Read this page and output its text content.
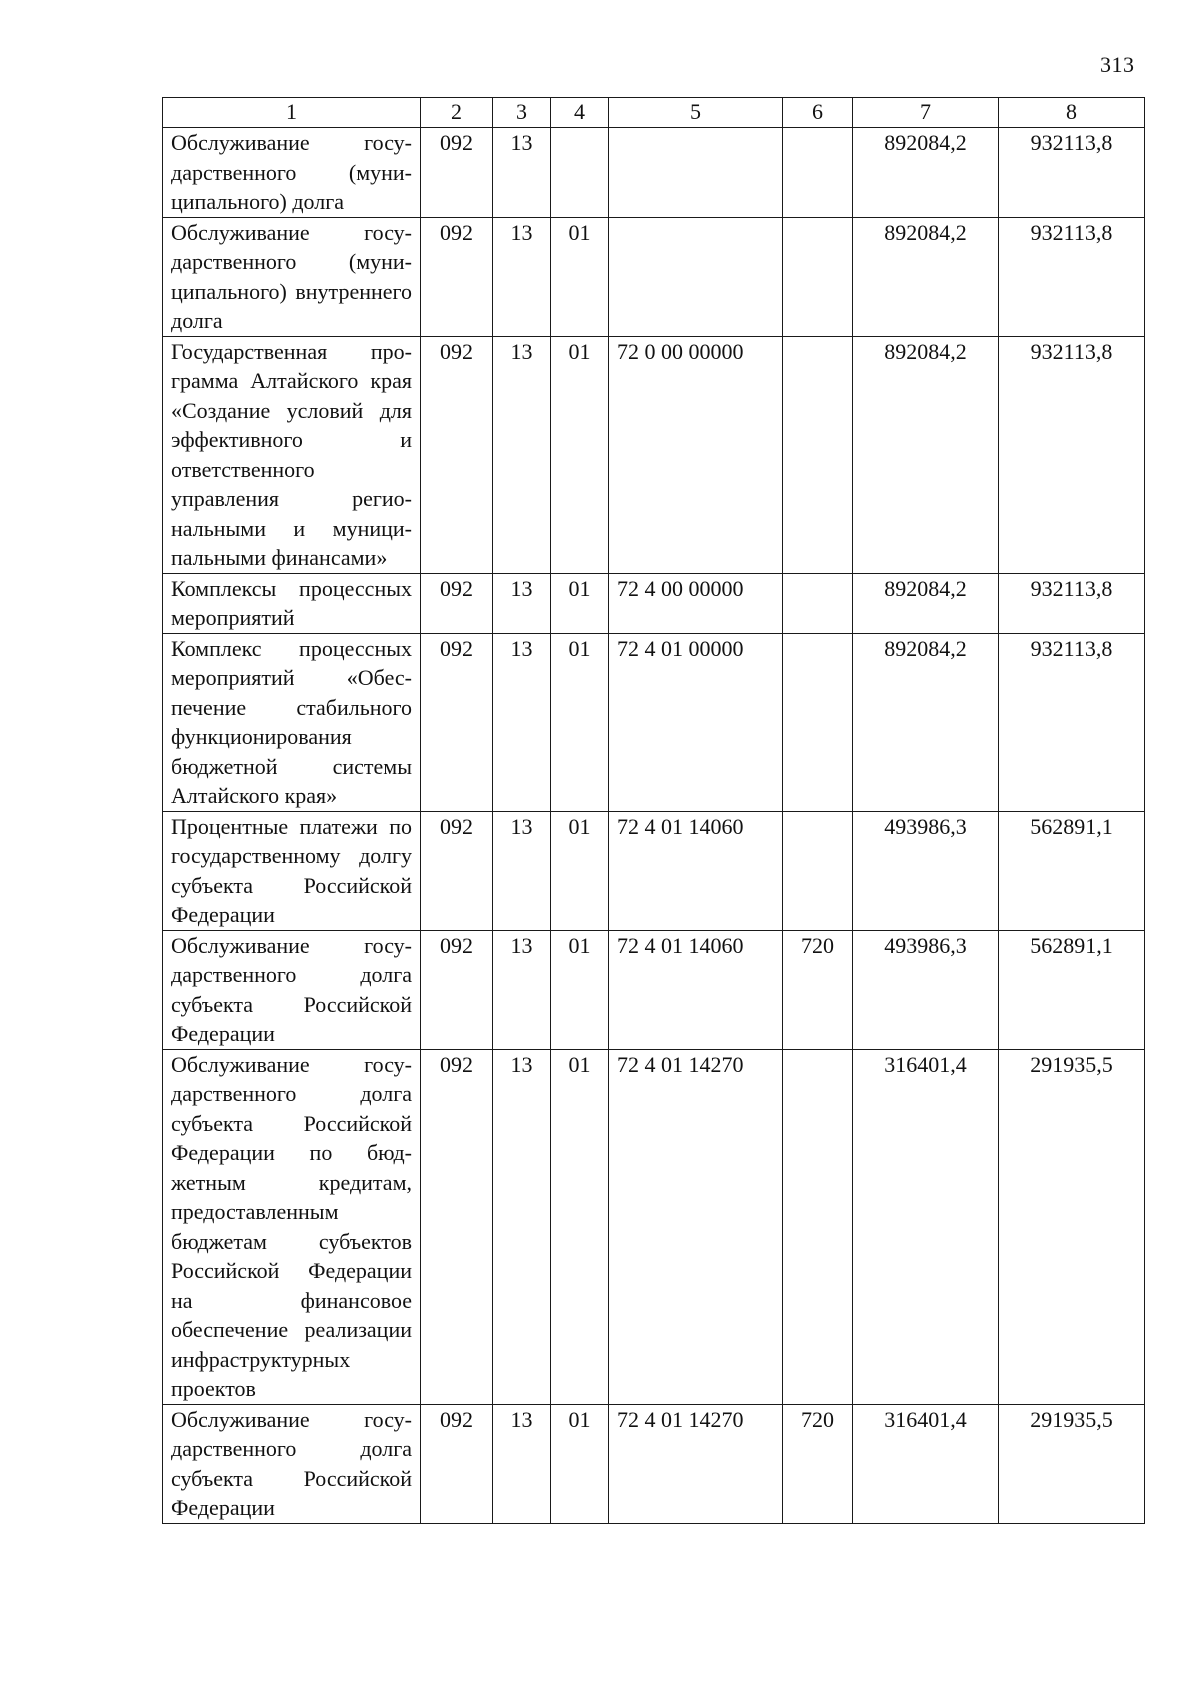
313
1	2	3	4	5	6	7	8
Обслуживание государственного (муниципального) долга	092	13				892084,2	932113,8
Обслуживание государственного (муниципального) внутреннего долга	092	13	01			892084,2	932113,8
Государственная программа Алтайского края «Создание условий для эффективного и ответственного управления региональными и муниципальными финансами»	092	13	01	72 0 00 00000		892084,2	932113,8
Комплексы процессных мероприятий	092	13	01	72 4 00 00000		892084,2	932113,8
Комплекс процессных мероприятий «Обеспечение стабильного функционирования бюджетной системы Алтайского края»	092	13	01	72 4 01 00000		892084,2	932113,8
Процентные платежи по государственному долгу субъекта Российской Федерации	092	13	01	72 4 01 14060		493986,3	562891,1
Обслуживание государственного долга субъекта Российской Федерации	092	13	01	72 4 01 14060	720	493986,3	562891,1
Обслуживание государственного долга субъекта Российской Федерации по бюджетным кредитам, предоставленным бюджетам субъектов Российской Федерации на финансовое обеспечение реализации инфраструктурных проектов	092	13	01	72 4 01 14270		316401,4	291935,5
Обслуживание государственного долга субъекта Российской Федерации	092	13	01	72 4 01 14270	720	316401,4	291935,5
